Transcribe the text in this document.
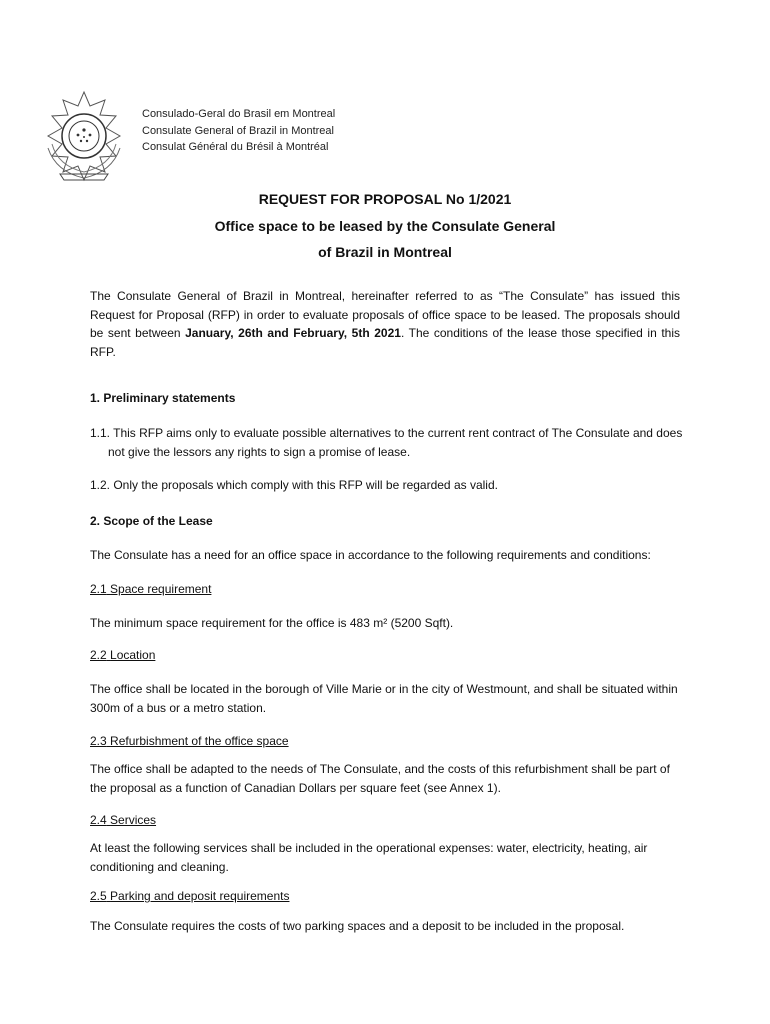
Consulado-Geral do Brasil em Montreal
Consulate General of Brazil in Montreal
Consulat Général du Brésil à Montréal
REQUEST FOR PROPOSAL No 1/2021
Office space to be leased by the Consulate General
of Brazil in Montreal
The Consulate General of Brazil in Montreal, hereinafter referred to as “The Consulate” has issued this Request for Proposal (RFP) in order to evaluate proposals of office space to be leased. The proposals should be sent between January, 26th and February, 5th 2021. The conditions of the lease those specified in this RFP.
1. Preliminary statements
1.1. This RFP aims only to evaluate possible alternatives to the current rent contract of The Consulate and does not give the lessors any rights to sign a promise of lease.
1.2. Only the proposals which comply with this RFP will be regarded as valid.
2. Scope of the Lease
The Consulate has a need for an office space in accordance to the following requirements and conditions:
2.1 Space requirement
The minimum space requirement for the office is 483 m² (5200 Sqft).
2.2 Location
The office shall be located in the borough of Ville Marie or in the city of Westmount, and shall be situated within 300m of a bus or a metro station.
2.3 Refurbishment of the office space
The office shall be adapted to the needs of The Consulate, and the costs of this refurbishment shall be part of the proposal as a function of Canadian Dollars per square feet (see Annex 1).
2.4 Services
At least the following services shall be included in the operational expenses: water, electricity, heating, air conditioning and cleaning.
2.5 Parking and deposit requirements
The Consulate requires the costs of two parking spaces and a deposit to be included in the proposal.
